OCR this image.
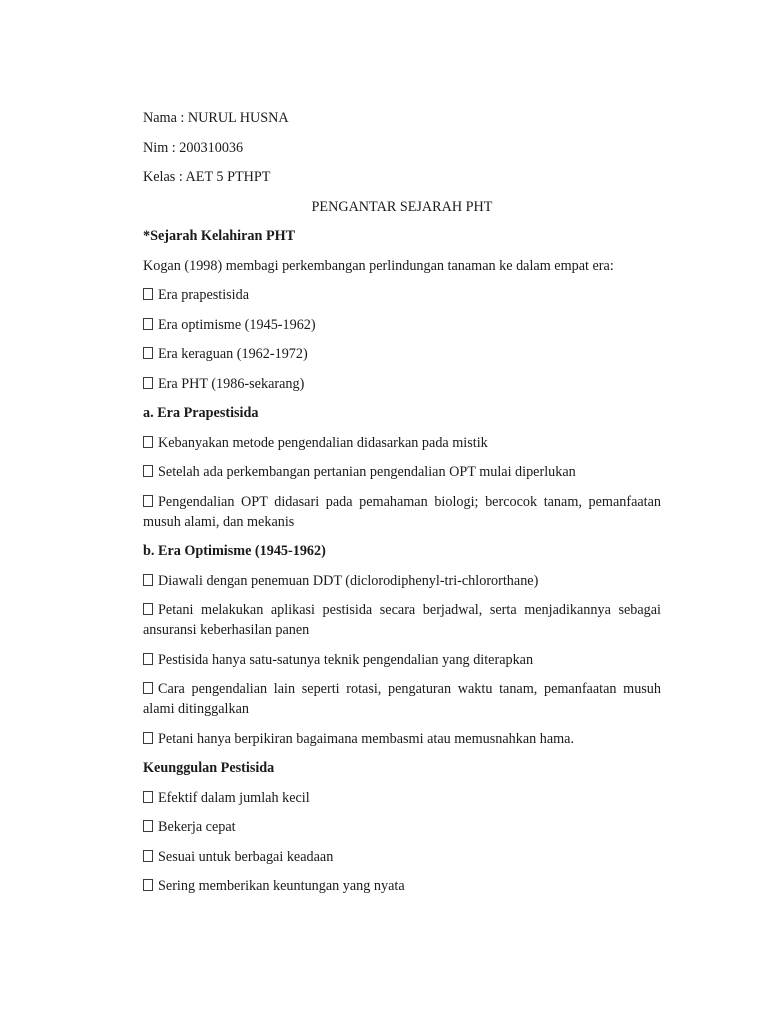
Nama : NURUL HUSNA

Nim : 200310036

Kelas : AET 5 PTHPT

PENGANTAR SEJARAH PHT

*Sejarah Kelahiran PHT

Kogan (1998) membagi perkembangan perlindungan tanaman ke dalam empat era:

Era prapestisida

Era optimisme (1945-1962)

Era keraguan (1962-1972)

Era PHT (1986-sekarang)

a. Era Prapestisida

Kebanyakan metode pengendalian didasarkan pada mistik

Setelah ada perkembangan pertanian pengendalian OPT mulai diperlukan

Pengendalian OPT didasari pada pemahaman biologi; bercocok tanam, pemanfaatan musuh alami, dan mekanis

b. Era Optimisme (1945-1962)

Diawali dengan penemuan DDT (diclorodiphenyl-tri-chlororthane)

Petani melakukan aplikasi pestisida secara berjadwal, serta menjadikannya sebagai ansuransi keberhasilan panen

Pestisida hanya satu-satunya teknik pengendalian yang diterapkan

Cara pengendalian lain seperti rotasi, pengaturan waktu tanam, pemanfaatan musuh alami ditinggalkan

Petani hanya berpikiran bagaimana membasmi atau memusnahkan hama.

Keunggulan Pestisida

Efektif dalam jumlah kecil

Bekerja cepat

Sesuai untuk berbagai keadaan

Sering memberikan keuntungan yang nyata
